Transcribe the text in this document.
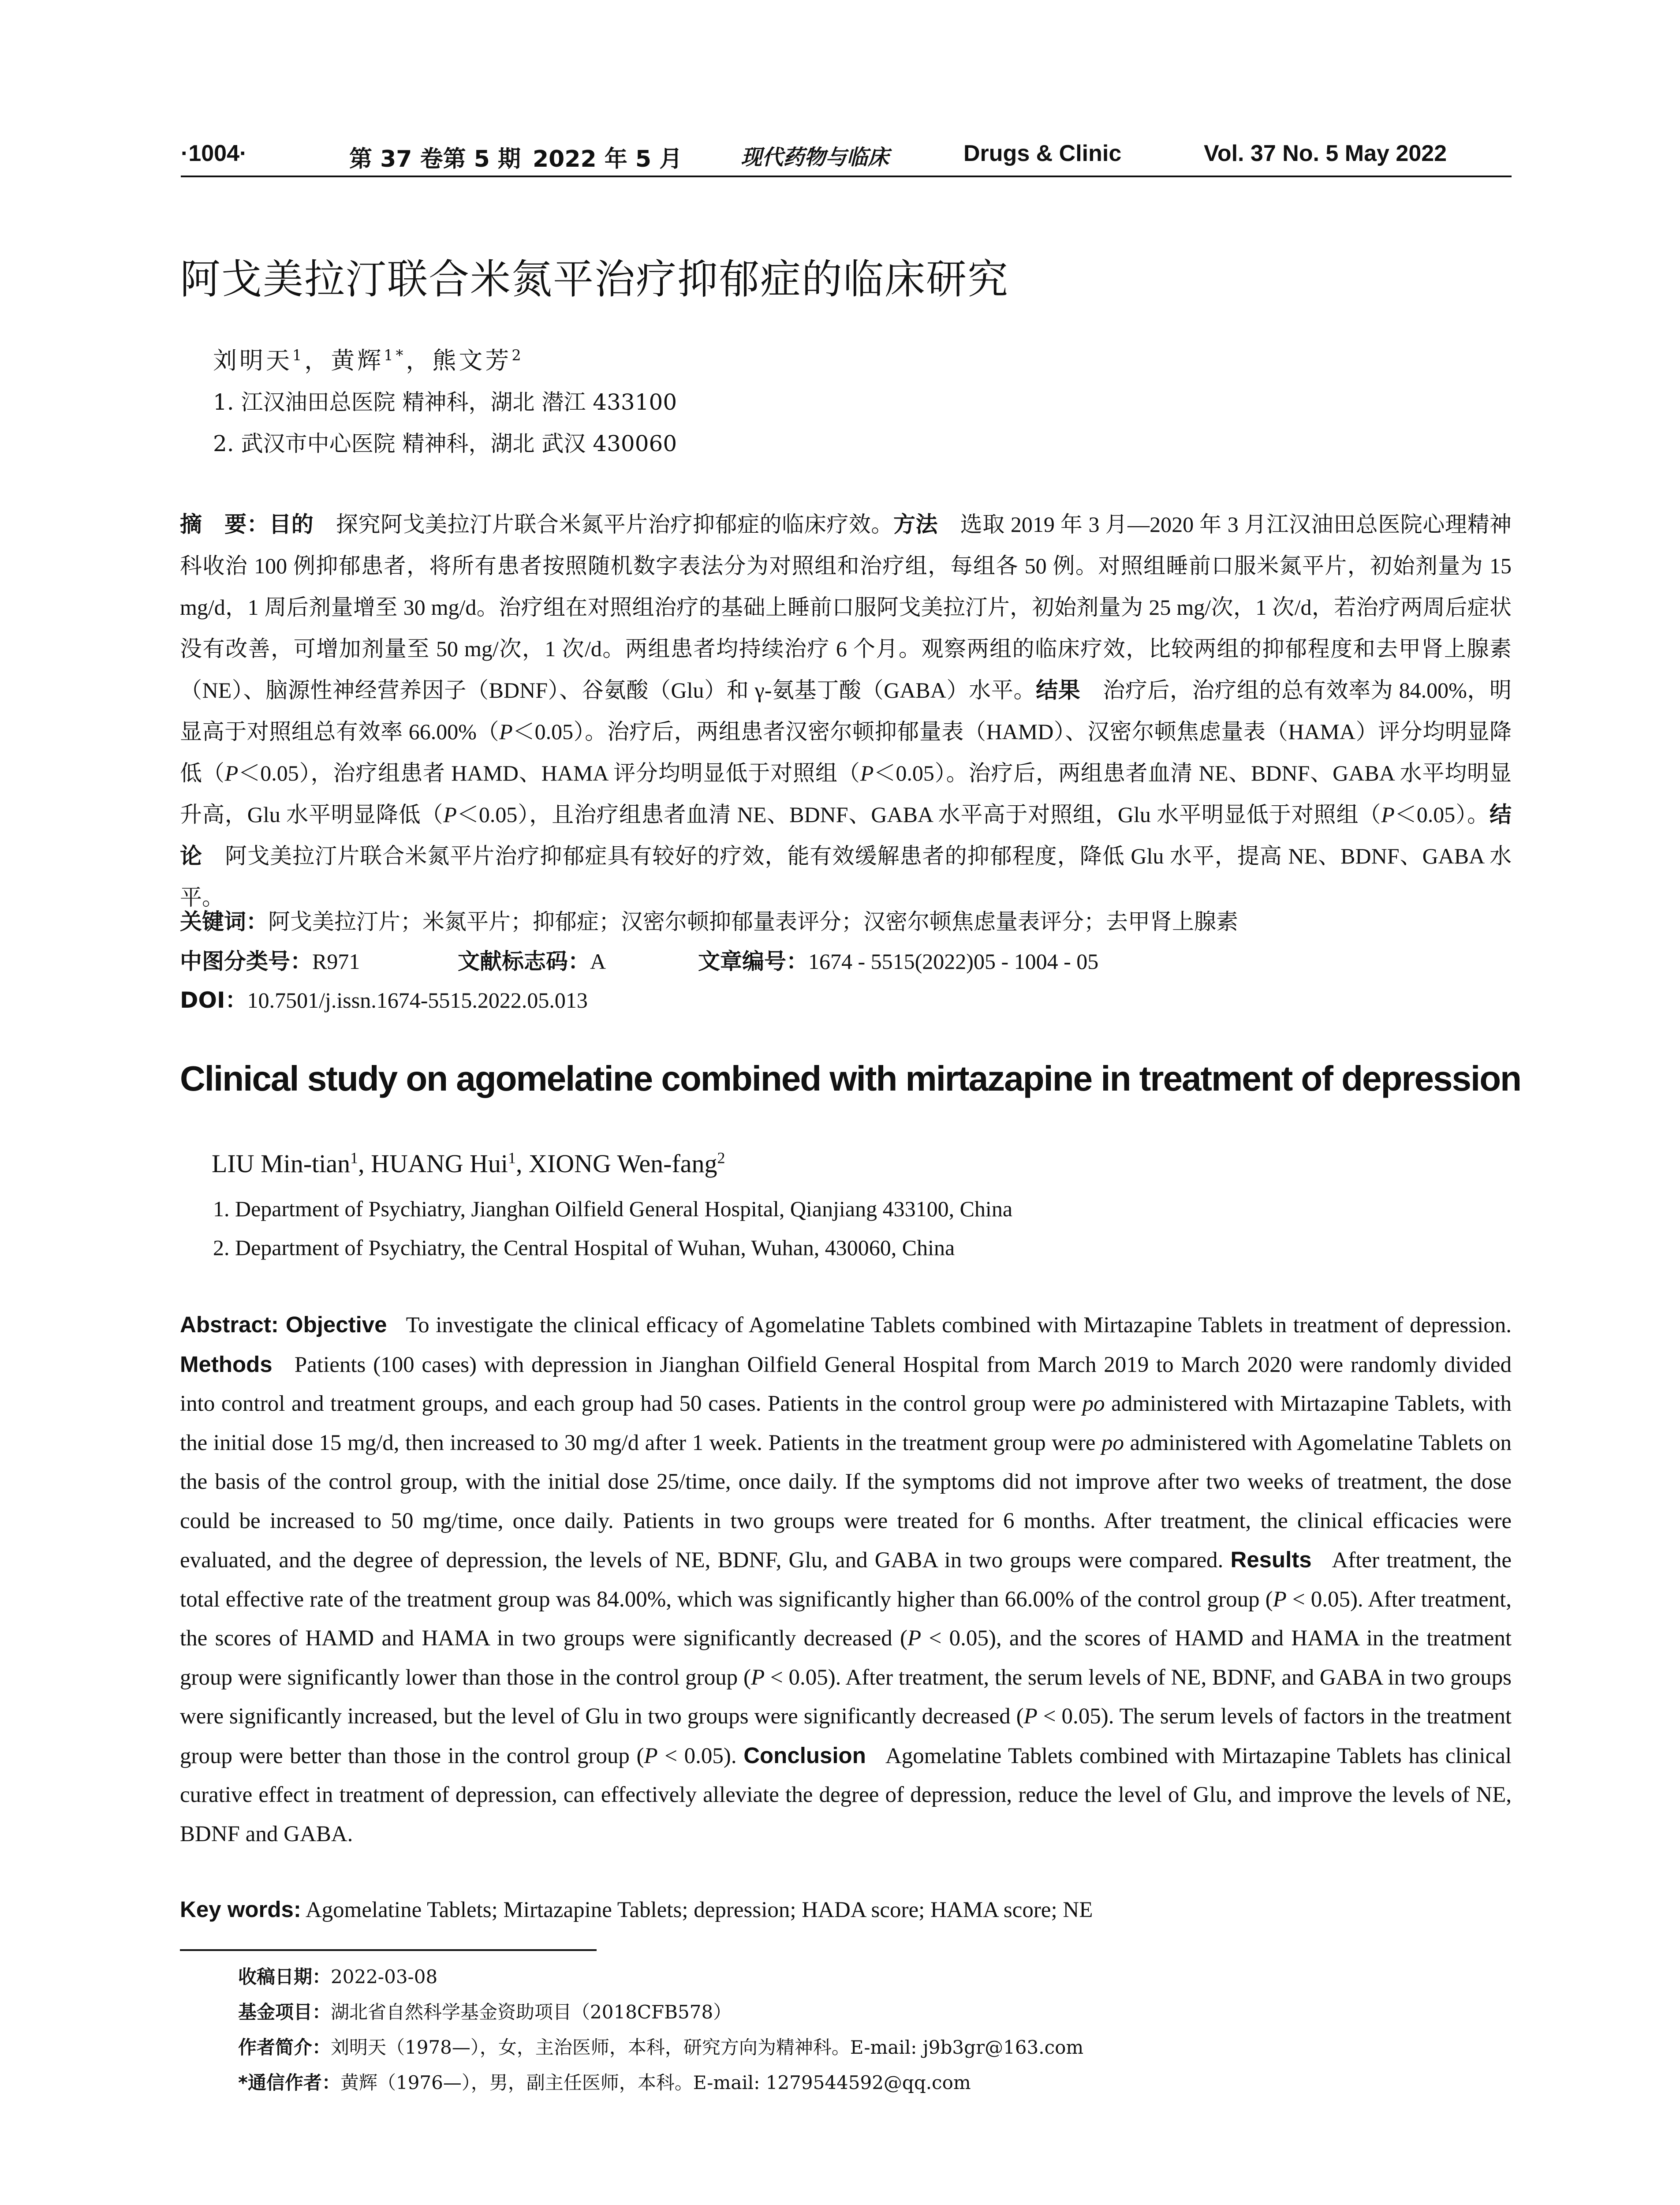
·1004·	第 37 卷第 5 期 2022 年 5 月	现代药物与临床	Drugs & Clinic	Vol. 37 No. 5 May 2022
阿戈美拉汀联合米氮平治疗抑郁症的临床研究
刘明天$^1$，黄辉$^{1*}$，熊文芳$^2$
1. 江汉油田总医院 精神科，湖北 潜江 433100
2. 武汉市中心医院 精神科，湖北 武汉 430060
摘　要：目的　 探究阿戈美拉汀片联合米氮平片治疗抑郁症的临床疗效。方法　 选取 2019 年 3 月—2020 年 3 月江汉油田总医院心理精神科收治 100 例抑郁患者，将所有患者按照随机数字表法分为对照组和治疗组，每组各 50 例。对照组睡前口服米氮平片，初始剂量为 15 mg/d，1 周后剂量增至 30 mg/d。治疗组在对照组治疗的基础上睡前口服阿戈美拉汀片，初始剂量为 25 mg/次，1 次/d，若治疗两周后症状没有改善，可增加剂量至 50 mg/次，1 次/d。两组患者均持续治疗 6 个月。观察两组的临床疗效，比较两组的抑郁程度和去甲肾上腺素（NE）、脑源性神经营养因子（BDNF）、谷氨酸（Glu）和 γ-氨基丁酸（GABA）水平。结果　 治疗后，治疗组的总有效率为 84.00%，明显高于对照组总有效率 66.00%（P＜0.05）。治疗后，两组患者汉密尔顿抑郁量表（HAMD）、汉密尔顿焦虑量表（HAMA）评分均明显降低（P＜0.05），治疗组患者 HAMD、HAMA 评分均明显低于对照组（P＜0.05）。治疗后，两组患者血清 NE、BDNF、GABA 水平均明显升高，Glu 水平明显降低（P＜0.05），且治疗组患者血清 NE、BDNF、GABA 水平高于对照组，Glu 水平明显低于对照组（P＜0.05）。结论　 阿戈美拉汀片联合米氮平片治疗抑郁症具有较好的疗效，能有效缓解患者的抑郁程度，降低 Glu 水平，提高 NE、BDNF、GABA 水平。
关键词：阿戈美拉汀片；米氮平片；抑郁症；汉密尔顿抑郁量表评分；汉密尔顿焦虑量表评分；去甲肾上腺素
中图分类号：R971	文献标志码：A	文章编号：1674 - 5515(2022)05 - 1004 - 05
DOI：10.7501/j.issn.1674-5515.2022.05.013
Clinical study on agomelatine combined with mirtazapine in treatment of depression
LIU Min-tian$^1$, HUANG Hui$^1$, XIONG Wen-fang$^2$
1. Department of Psychiatry, Jianghan Oilfield General Hospital, Qianjiang 433100, China
2. Department of Psychiatry, the Central Hospital of Wuhan, Wuhan, 430060, China
Abstract: Objective To investigate the clinical efficacy of Agomelatine Tablets combined with Mirtazapine Tablets in treatment of depression. Methods Patients (100 cases) with depression in Jianghan Oilfield General Hospital from March 2019 to March 2020 were randomly divided into control and treatment groups, and each group had 50 cases. Patients in the control group were po administered with Mirtazapine Tablets, with the initial dose 15 mg/d, then increased to 30 mg/d after 1 week. Patients in the treatment group were po administered with Agomelatine Tablets on the basis of the control group, with the initial dose 25/time, once daily. If the symptoms did not improve after two weeks of treatment, the dose could be increased to 50 mg/time, once daily. Patients in two groups were treated for 6 months. After treatment, the clinical efficacies were evaluated, and the degree of depression, the levels of NE, BDNF, Glu, and GABA in two groups were compared. Results After treatment, the total effective rate of the treatment group was 84.00%, which was significantly higher than 66.00% of the control group (P < 0.05). After treatment, the scores of HAMD and HAMA in two groups were significantly decreased (P < 0.05), and the scores of HAMD and HAMA in the treatment group were significantly lower than those in the control group (P < 0.05). After treatment, the serum levels of NE, BDNF, and GABA in two groups were significantly increased, but the level of Glu in two groups were significantly decreased (P < 0.05). The serum levels of factors in the treatment group were better than those in the control group (P < 0.05). Conclusion Agomelatine Tablets combined with Mirtazapine Tablets has clinical curative effect in treatment of depression, can effectively alleviate the degree of depression, reduce the level of Glu, and improve the levels of NE, BDNF and GABA.
Key words: Agomelatine Tablets; Mirtazapine Tablets; depression; HADA score; HAMA score; NE
收稿日期：2022-03-08
基金项目：湖北省自然科学基金资助项目（2018CFB578）
作者简介：刘明天（1978—），女，主治医师，本科，研究方向为精神科。E-mail: j9b3gr@163.com
*通信作者：黄辉（1976—），男，副主任医师，本科。E-mail: 1279544592@qq.com
